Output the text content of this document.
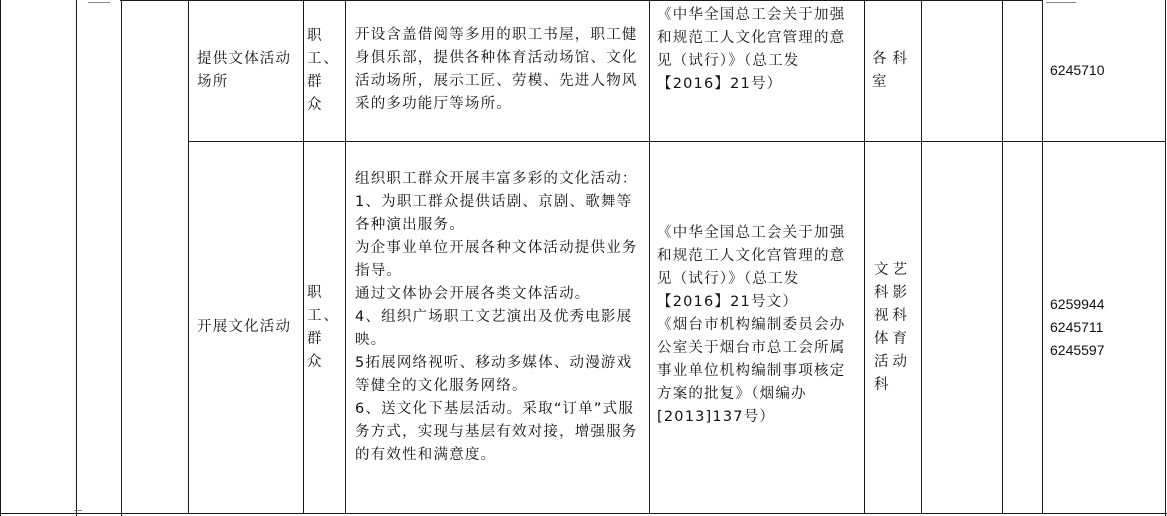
提供文体活动场所
职工、群众

开设含盖借阅等多用的职工书屋，职工健身俱乐部，提供各种体育活动场馆、文化活动场所，展示工匠、劳模、先进人物风采的多功能厅等场所。

《中华全国总工会关于加强和规范工人文化宫管理的意见（试行）》（总工发【2016】21号）

各科室
6245710
开展文化活动
职工、群众

组织职工群众开展丰富多彩的文化活动：

1、为职工群众提供话剧、京剧、歌舞等各种演出服务。

为企事业单位开展各种文体活动提供业务指导。

通过文体协会开展各类文体活动。

4、组织广场职工文艺演出及优秀电影展映。

5拓展网络视听、移动多媒体、动漫游戏等健全的文化服务网络。

6、送文化下基层活动。采取“订单”式服务方式，实现与基层有效对接，增强服务的有效性和满意度。

《中华全国总工会关于加强和规范工人文化宫管理的意见（试行）》（总工发【2016】21号文）

《烟台市机构编制委员会办公室关于烟台市总工会所属事业单位机构编制事项核定方案的批复》（烟编办[2013]137号）

文艺科影视科体育活动科
6259944
6245711
6245597
